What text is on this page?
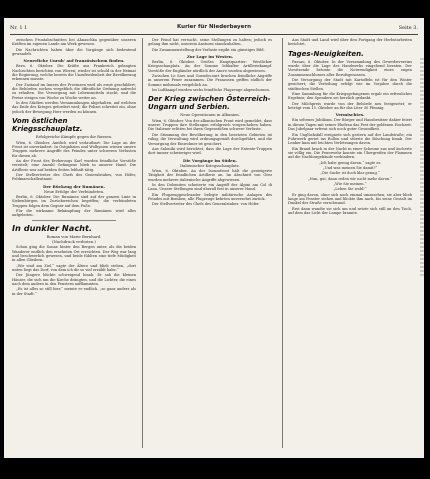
Nr. 1 1	Kurier für Niederbayern	Seite 3.

zwischen Frontabschnitten bei Ahnaschka gegenüber unseren Kräften im eigenen Lande am Werk gewesen.

Die Nachrichten haben über die Vorgänge sich bedeutend gewandelt.

Neuerliche Unruh' auf französischem Boden.

Bern, 6. Oktober. Die Kräfte aus Frankreich gelangten Nachrichten berichten von Wirren; wieder ist schuld in der Heimat die Regierung, welche bereits die Unzufriedenheit der Bevölkerung erkennen musste.

Der Zustand im Innern der Provinzen wird als ernst geschildert; die Behörden suchen vergeblich die öffentliche Ordnung aufrecht zu erhalten. Die Versorgung mit Lebensmitteln stockt, und die Preise steigen von Woche zu Woche weiter an.

In den Städten werden Versammlungen abgehalten, auf welchen das Ende des Krieges gefordert wird; die Polizei schreitet ein, ohne jedoch der Bewegung Herr werden zu können.

Vom östlichen Kriegsschauplatz.
Erfolgreiche Kämpfe gegen die Russen.

Wien, 6. Oktober. Amtlich wird verlautbart: Die Lage an der Front ist unverändert. In Ostgalizien und Wolhynien wiesen unsere Truppen mehrere Angriffe des Feindes unter schweren Verlusten für diesen ab.

An der Front des Erzherzogs Karl wurden feindliche Vorstöße vereitelt; eine Anzahl Gefangene blieb in unserer Hand. Die Artillerie war auf beiden Seiten lebhaft tätig.

Der Stellvertreter des Chefs des Generalstabes, von Höfer, Feldmarschalleutnant.

Der Rückzug der Rumänen.
Neue Erfolge der Verbündeten.

Berlin, 6. Oktober. Die Rumänen sind auf der ganzen Linie in Siebenbürgen im Zurückweichen begriffen; die verbündeten Truppen folgen dem Gegner auf dem Fuße.

Für die wirksame Bekämpfung der Rumänen wird alles aufgeboten.

In dunkler Nacht.
Roman von Marie Bernhard.
(Nachdruck verboten.)

Schon ging die Sonne hinter den Bergen unter, als die beiden Wanderer endlich den ersehnten Ort erreichten. Der Weg war lang und beschwerlich gewesen, und beide fühlten eine tiefe Müdigkeit in allen Gliedern.

„Wir sind am Ziel,“ sagte der Ältere und blieb stehen, „dort unten liegt das Dorf, von dem ich dir so viel erzählt habe.“

Der Jüngere blickte schweigend hinab. Er sah die kleinen Häuser, die sich um die Kirche drängten, und die Lichter, die eines nach dem andern in den Fenstern aufflammten.

„Es ist alles so still hier,“ meinte er endlich, „so ganz anders als in der Stadt.“

Der Feind hat versucht, seine Stellungen zu halten; jedoch es gelang ihm nicht, unserem Ansturm standzuhalten.

Die Zusammenstellung der Verluste ergibt ein günstiges Bild.

Zur Lage im Westen.

Berlin, 6. Oktober. Großes Hauptquartier: Westlicher Kriegsschauplatz. An der Somme lebhafter Artilleriekampf. Vorstöße der Engländer nördlich der Ancre wurden abgewiesen.

Zwischen Le Sars und Gueudecourt brachen feindliche Angriffe in unserem Feuer zusammen. Die Franzosen griffen südlich der Somme mehrmals vergeblich an.

Im Luftkampf wurden sechs feindliche Flugzeuge abgeschossen.

Der Krieg zwischen Österreich-Ungarn und Serbien.
Neue Operationen in Albanien.

Wien, 6. Oktober. Von der albanischen Front wird gemeldet, dass unsere Truppen ihre Stellungen erfolgreich vorgeschoben haben. Die Italiener erlitten bei ihren Gegenstößen schwere Verluste.

Die Stimmung der Bevölkerung in den besetzten Gebieten ist ruhig; die Verwaltung wird ordnungsgemäß durchgeführt, und die Versorgung der Einwohner ist gesichert.

Aus Saloniki wird berichtet, dass die Lage der Entente-Truppen dort immer schwieriger wird.

Die Vorgänge im Süden.
Italienischer Kriegsschauplatz.

Wien, 6. Oktober. An der Isonzofront hält die gesteigerte Tätigkeit der feindlichen Artillerie an. Im Abschnitt von Görz wurden mehrere italienische Angriffe abgewiesen.

In den Dolomiten scheiterte ein Angriff der Alpini am Col di Lana. Unsere Stellungen sind überall fest in unserer Hand.

Ein Flugzeuggeschwader belegte militärische Anlagen des Feindes mit Bomben; alle Flugzeuge kehrten unversehrt zurück.

Der Stellvertreter des Chefs des Generalstabes: von Höfer.

Aus Stadt und Land wird über den Fortgang der Herbstarbeiten berichtet.

Tages-Neuigkeiten.

Passau, 6. Oktober. In der Versammlung des Gewerbevereins wurde über die Lage des Handwerks eingehend beraten. Der Vorsitzende betonte die Notwendigkeit eines engen Zusammenschlusses aller Berufsgenossen.

Die Versorgung der Stadt mit Kartoffeln ist für den Winter gesichert; die Verteilung erfolgt wie im Vorjahre durch die städtischen Stellen.

Eine Sammlung für die Kriegsgefangenen ergab ein erfreuliches Ergebnis; den Spendern sei herzlich gedankt.

Der Milchpreis wurde von der Behörde neu festgesetzt; er beträgt vom 15. Oktober an für das Liter 30 Pfennig.

Vermischtes.

Ein seltenes Jubiläum. Der Bürger und Hausbesitzer dahier feiert in diesen Tagen mit seiner Ehefrau das Fest der goldenen Hochzeit. Das Jubelpaar erfreut sich noch guter Gesundheit.

Ein Unglücksfall ereignete sich gestern auf der Landstraße; ein Fuhrwerk geriet ins Rollen und stürzte die Böschung hinab. Der Lenker kam mit leichten Verletzungen davon.

Ein Brand brach in der Nacht in einer Scheune aus und äscherte sie völlig ein. Die Feuerwehr konnte ein Übergreifen der Flammen auf die Nachbargebäude verhindern.

„Ich habe genug davon,“ sagte er.

„Und was meinen Sie damit?“

„Die Sache ist doch klar genug.“

„Nun, gut, dann reden wir nicht mehr davon.“

„Wie Sie meinen.“

„Leben Sie wohl!“

Er ging davon, ohne sich noch einmal umzusehen; sie aber blieb lange am Fenster stehen und blickte ihm nach, bis seine Gestalt im Dunkel der Straße verschwand.

Erst dann wandte sie sich um und setzte sich still an den Tisch, auf dem das Licht der Lampe brannte.
